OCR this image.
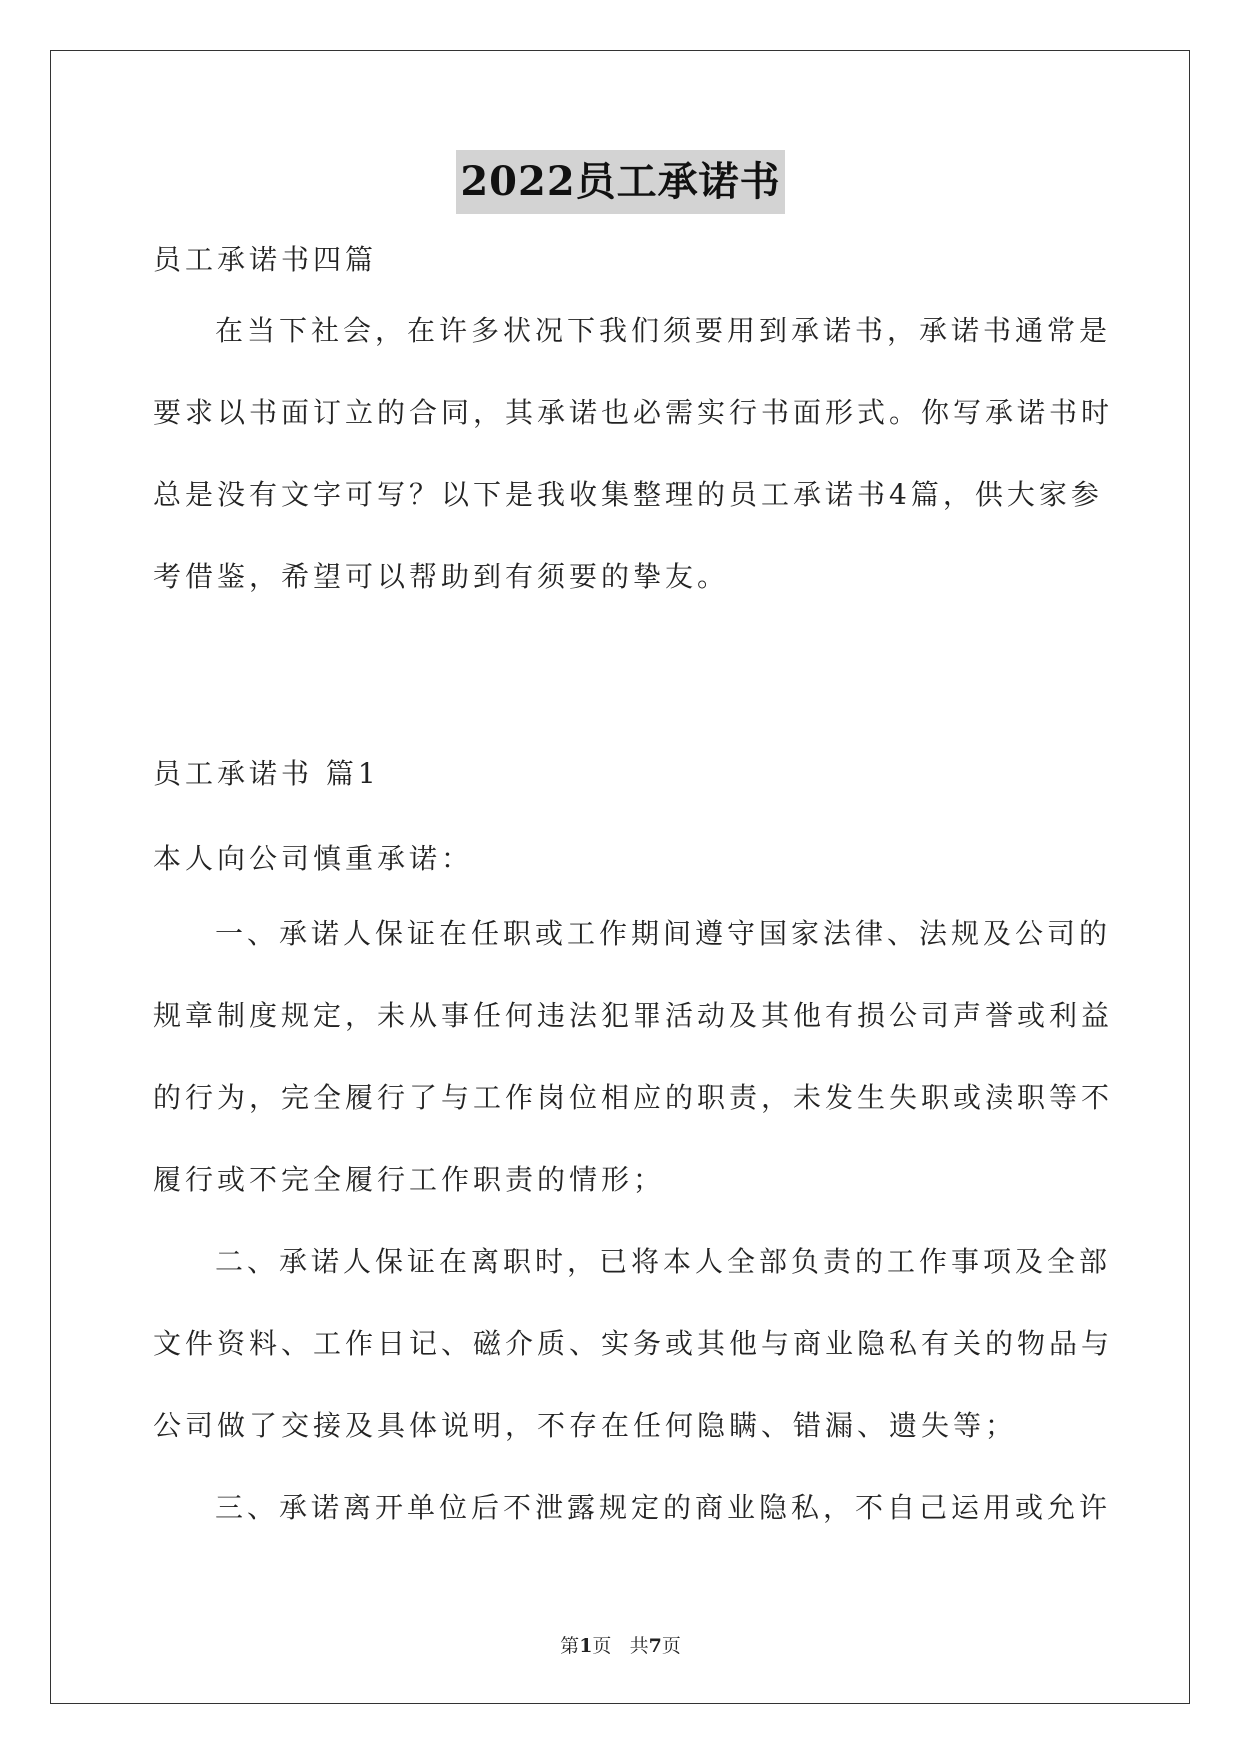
2022员工承诺书

员工承诺书四篇

在当下社会，在许多状况下我们须要用到承诺书，承诺书通常是
要求以书面订立的合同，其承诺也必需实行书面形式。你写承诺书时
总是没有文字可写？以下是我收集整理的员工承诺书4篇，供大家参
考借鉴，希望可以帮助到有须要的挚友。

员工承诺书 篇1

本人向公司慎重承诺：

一、承诺人保证在任职或工作期间遵守国家法律、法规及公司的
规章制度规定，未从事任何违法犯罪活动及其他有损公司声誉或利益
的行为，完全履行了与工作岗位相应的职责，未发生失职或渎职等不
履行或不完全履行工作职责的情形；
二、承诺人保证在离职时，已将本人全部负责的工作事项及全部
文件资料、工作日记、磁介质、实务或其他与商业隐私有关的物品与
公司做了交接及具体说明，不存在任何隐瞒、错漏、遗失等；
三、承诺离开单位后不泄露规定的商业隐私，不自己运用或允许
第1页 共7页
